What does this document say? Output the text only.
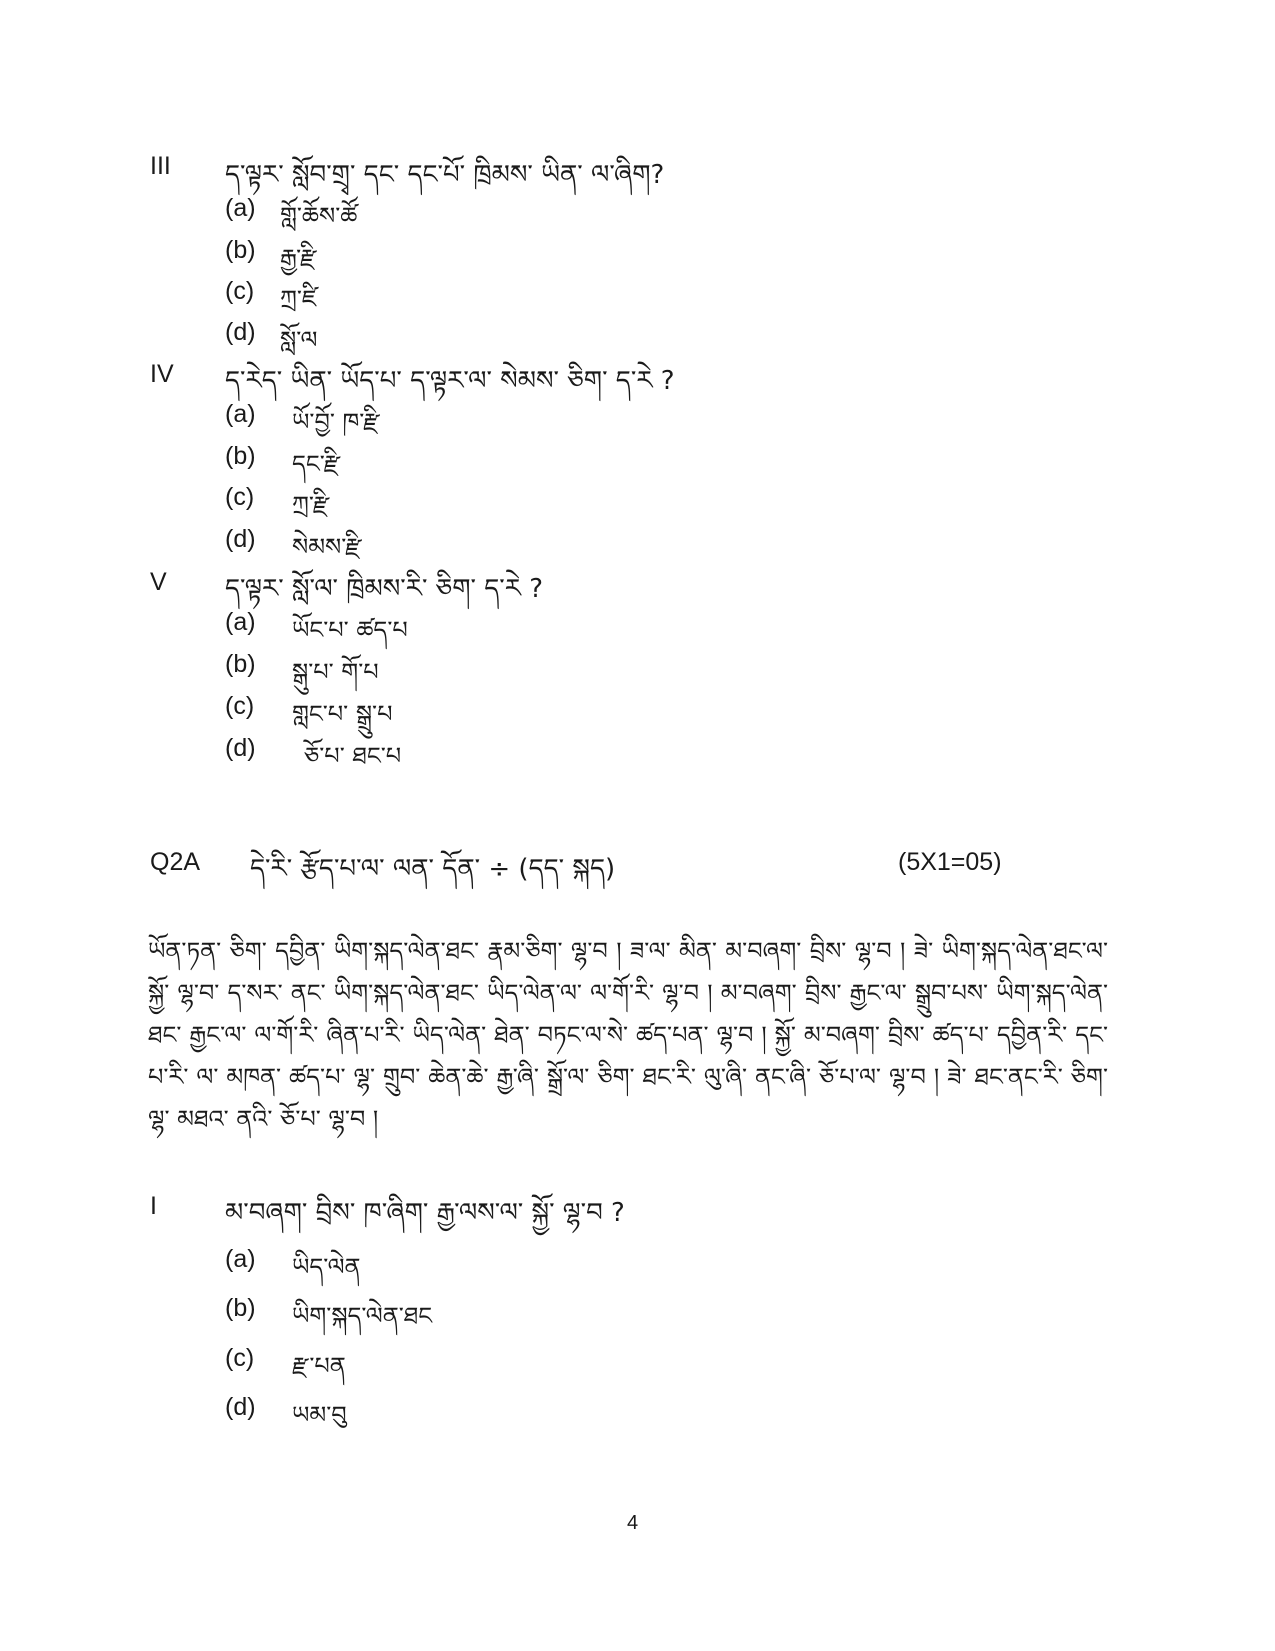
III ད་ལྟར་ སློབ་གྲྭ་ དང་ དང་པོ་ ཁྲིམས་ ཡིན་ ལ་ཞིག?
(a) གློ་ཆོས་ཚོ
(b) རྒྱ་རྫི
(c) ཀྲ་ཛི
(d) སློ་ལ
IV ད་རེད་ ཡིན་ ཡོད་པ་ ད་ལྟར་ལ་ སེམས་ ཅིག་ ད་རེ ?
(a) ཡོ་བྱོ་ ཁ་རྫི
(b) དང་རྫི
(c) ཀྲ་རྫི
(d) སེམས་རྫི
V ད་ལྟར་ སློ་ལ་ ཁྲིམས་རི་ ཅིག་ ད་རེ ?
(a) ཡོང་པ་ ཚད་པ
(b) སྒུ་པ་ གོ་པ
(c) གླང་པ་ སྒྲུ་པ
(d) ཅོ་པ་ ཐང་པ
Q2A དེ་རི་ རྩོད་པ་ལ་ ལན་ དོན་ ÷ (དད་ སྐད)	(5X1=05)
ཡོན་ཏན་ ཅིག་ དབྱིན་ ཡིག་སྐད་ལེན་ཐང་ རྣམ་ཅིག་ ལྷ་བ ། ཟ་ལ་ མིན་ མ་བཞག་ བྲིས་ ལྷ་བ ། ཟེ་ ཡིག་སྐད་ལེན་ཐང་ལ་ སྐྱོ་ ལྷ་བ་ ད་སར་ ནང་ ཡིག་སྐད་ལེན་ཐང་ ཡིད་ལེན་ལ་ ལ་གོ་རི་ ལྷ་བ ། མ་བཞག་ བྲིས་ རྒྱང་ལ་ སྒྲུབ་པས་ ཡིག་སྐད་ལེན་ཐང་ རྒྱང་ལ་ ལ་གོ་རི་ ཞིན་པ་རི་ ཡིད་ལེན་ ཐེན་ བཏང་ལ་སེ་ ཚད་པན་ ལྷ་བ ། སྐྱོ་ མ་བཞག་ བྲིས་ ཚད་པ་ དབྱིན་རི་ དང་པ་རི་ ལ་ མཁན་ ཚད་པ་ ལྷ་ གྲུབ་ ཆེན་ཆེ་ རྒྱ་ཞི་ སྒྲོ་ལ་ ཅིག་ ཐང་རི་ ལུ་ཞི་ ནང་ཞི་ ཅོ་པ་ལ་ ལྷ་བ ། ཟེ་ ཐང་ནང་རི་ ཅིག་ ལྷ་ མཐའ་ ནའི་ ཅོ་པ་ ལྷ་བ །
I	མ་བཞག་ བྲིས་ ཁ་ཞིག་ རྒྱ་ལས་ལ་ སྐྱོ་ ལྷ་བ ?
(a) ཡིད་ལེན
(b) ཡིག་སྐད་ལེན་ཐང
(c) རྫ་པན
(d) ཡམ་བུ
4
